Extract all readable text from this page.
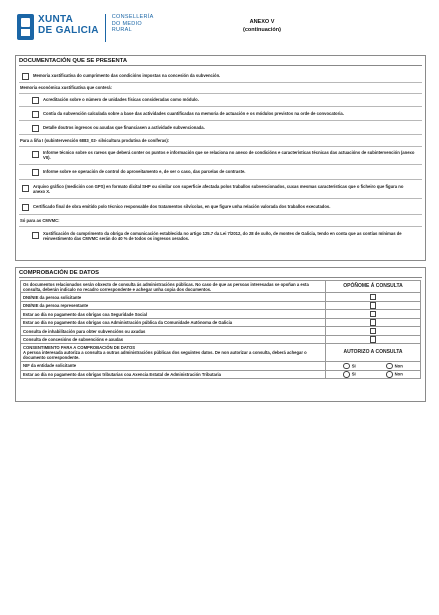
XUNTA
DE GALICIA
CONSELLERÍA
DO MEDIO
RURAL
ANEXO V
(continuación)
DOCUMENTACIÓN QUE SE PRESENTA
Memoria xustificativa do cumprimento das condicións impostas na concesión da subvención.
Memoria económica xustificativa que conterá:
Acreditación sobre o número de unidades físicas consideradas como módulo.
Contía da subvención calculada sobre a base das actividades cuantificadas na memoria de actuación e os módulos previstos na orde de convocatoria.
Detalle doutros ingresos ou axudas que financiasen a actividade subvencionada.
Para a liña I (subintervención 6883_02- silvicultura produtiva de coníferas):
Informe técnico sobre os rareos que deberá conter os puntos e información que se relaciona no anexo de condicións e características técnicas das actuacións de subintervención (anexo VII).
Informe sobre se operación de control do aproveitamento e, de ser o caso, das parcelas de contraste.
Arquivo gráfico (medición con GPS) en formato dixital SHP ou similar con superficie afectada polos traballos subvencionados, cuxas mesmas características que o ficheiro que figura no anexo X.
Certificado final de obra emitido polo técnico responsable dos tratamentos silvícolas, en que figure unha relación valorada dos traballos executados.
Só para as CMVMC:
Xustificación do cumprimento da obriga de comunicación establecida no artigo 125.7 da Lei 7/2012, do 28 de xuño, de montes de Galicia, tendo en conta que as contías mínimas de reinvestimento das CMVMC serán do 40 % de todos os ingresos xerados.
COMPROBACIÓN DE DATOS
Os documentos relacionados serán obxecto de consulta ás administracións públicas. No caso de que as persoas interesadas se opoñan a esta consulta, deberán indicalo no recadro correspondente e achegar unha copia dos documentos.	OPÓÑOME Á CONSULTA
DNI/NIE da persoa solicitante	
DNI/NIE da persoa representante	
Estar ao día no pagamento das obrigas coa Seguridade Social	
Estar ao día no pagamento das obrigas coa Administración pública da Comunidade Autónoma de Galicia	
Consulta de inhabilitación para obter subvencións ou axudas	
Consulta de concesións de subvencións e axudas	

CONSENTIMENTO PARA A COMPROBACIÓN DE DATOS
A persoa interesada autoriza a consulta a outras administracións públicas dos seguintes datos. De non autorizar a consulta, deberá achegar o documento correspondente.	AUTORIZO A CONSULTA
NIF da entidade solicitante	SI Non

Estar ao día no pagamento das obrigas tributarias coa Axencia Estatal de Administración Tributaria	SI Non
